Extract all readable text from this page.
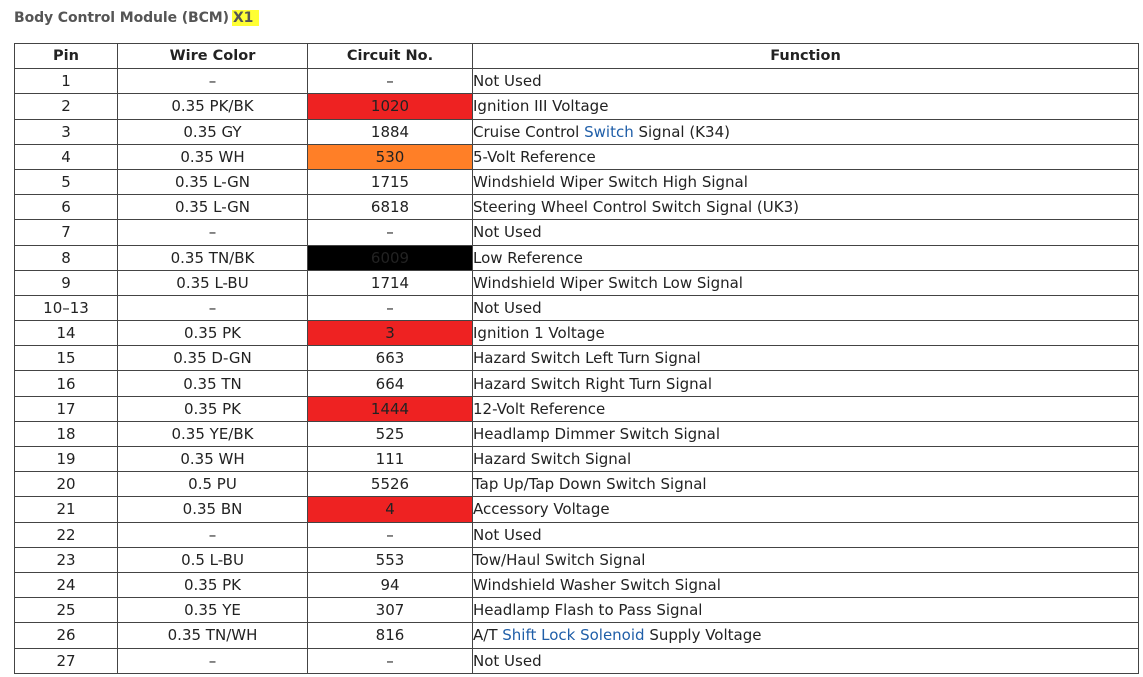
Body Control Module (BCM) X1
Pin	Wire Color	Circuit No.	Function
1	–	–	Not Used
2	0.35 PK/BK	1020	Ignition III Voltage
3	0.35 GY	1884	Cruise Control Switch Signal (K34)
4	0.35 WH	530	5-Volt Reference
5	0.35 L-GN	1715	Windshield Wiper Switch High Signal
6	0.35 L-GN	6818	Steering Wheel Control Switch Signal (UK3)
7	–	–	Not Used
8	0.35 TN/BK	6009	Low Reference
9	0.35 L-BU	1714	Windshield Wiper Switch Low Signal
10–13	–	–	Not Used
14	0.35 PK	3	Ignition 1 Voltage
15	0.35 D-GN	663	Hazard Switch Left Turn Signal
16	0.35 TN	664	Hazard Switch Right Turn Signal
17	0.35 PK	1444	12-Volt Reference
18	0.35 YE/BK	525	Headlamp Dimmer Switch Signal
19	0.35 WH	111	Hazard Switch Signal
20	0.5 PU	5526	Tap Up/Tap Down Switch Signal
21	0.35 BN	4	Accessory Voltage
22	–	–	Not Used
23	0.5 L-BU	553	Tow/Haul Switch Signal
24	0.35 PK	94	Windshield Washer Switch Signal
25	0.35 YE	307	Headlamp Flash to Pass Signal
26	0.35 TN/WH	816	A/T Shift Lock Solenoid Supply Voltage
27	–	–	Not Used
